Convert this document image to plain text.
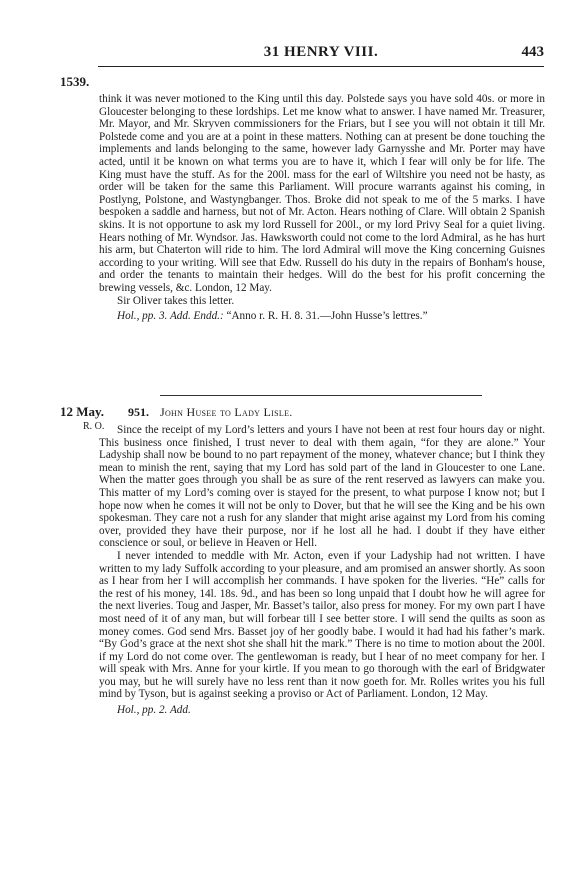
31 HENRY VIII.	443
1539.

think it was never motioned to the King until this day. Polstede says you have sold 40s. or more in Gloucester belonging to these lordships. Let me know what to answer. I have named Mr. Treasurer, Mr. Mayor, and Mr. Skryven commissioners for the Friars, but I see you will not obtain it till Mr. Polstede come and you are at a point in these matters. Nothing can at present be done touching the implements and lands belonging to the same, however lady Garnysshe and Mr. Porter may have acted, until it be known on what terms you are to have it, which I fear will only be for life. The King must have the stuff. As for the 200l. mass for the earl of Wiltshire you need not be hasty, as order will be taken for the same this Parliament. Will procure warrants against his coming, in Postlyng, Polstone, and Wastyngbanger. Thos. Broke did not speak to me of the 5 marks. I have bespoken a saddle and harness, but not of Mr. Acton. Hears nothing of Clare. Will obtain 2 Spanish skins. It is not opportune to ask my lord Russell for 200l., or my lord Privy Seal for a quiet living. Hears nothing of Mr. Wyndsor. Jas. Hawksworth could not come to the lord Admiral, as he has hurt his arm, but Chaterton will ride to him. The lord Admiral will move the King concerning Guisnes according to your writing. Will see that Edw. Russell do his duty in the repairs of Bonham's house, and order the tenants to maintain their hedges. Will do the best for his profit concerning the brewing vessels, &c. London, 12 May.

Sir Oliver takes this letter.

Hol., pp. 3. Add. Endd.: “Anno r. R. H. 8. 31.—John Husse’s lettres.”

12 May.
R. O.
951. John Husee to Lady Lisle.

Since the receipt of my Lord’s letters and yours I have not been at rest four hours day or night. This business once finished, I trust never to deal with them again, “for they are alone.” Your Ladyship shall now be bound to no part repayment of the money, whatever chance; but I think they mean to minish the rent, saying that my Lord has sold part of the land in Gloucester to one Lane. When the matter goes through you shall be as sure of the rent reserved as lawyers can make you. This matter of my Lord’s coming over is stayed for the present, to what purpose I know not; but I hope now when he comes it will not be only to Dover, but that he will see the King and be his own spokesman. They care not a rush for any slander that might arise against my Lord from his coming over, provided they have their purpose, nor if he lost all he had. I doubt if they have either conscience or soul, or believe in Heaven or Hell.

I never intended to meddle with Mr. Acton, even if your Ladyship had not written. I have written to my lady Suffolk according to your pleasure, and am promised an answer shortly. As soon as I hear from her I will accomplish her commands. I have spoken for the liveries. “He” calls for the rest of his money, 14l. 18s. 9d., and has been so long unpaid that I doubt how he will agree for the next liveries. Toug and Jasper, Mr. Basset’s tailor, also press for money. For my own part I have most need of it of any man, but will forbear till I see better store. I will send the quilts as soon as money comes. God send Mrs. Basset joy of her goodly babe. I would it had had his father’s mark. “By God’s grace at the next shot she shall hit the mark.” There is no time to motion about the 200l. if my Lord do not come over. The gentlewoman is ready, but I hear of no meet company for her. I will speak with Mrs. Anne for your kirtle. If you mean to go thorough with the earl of Bridgwater you may, but he will surely have no less rent than it now goeth for. Mr. Rolles writes you his full mind by Tyson, but is against seeking a proviso or Act of Parliament. London, 12 May.

Hol., pp. 2. Add.
